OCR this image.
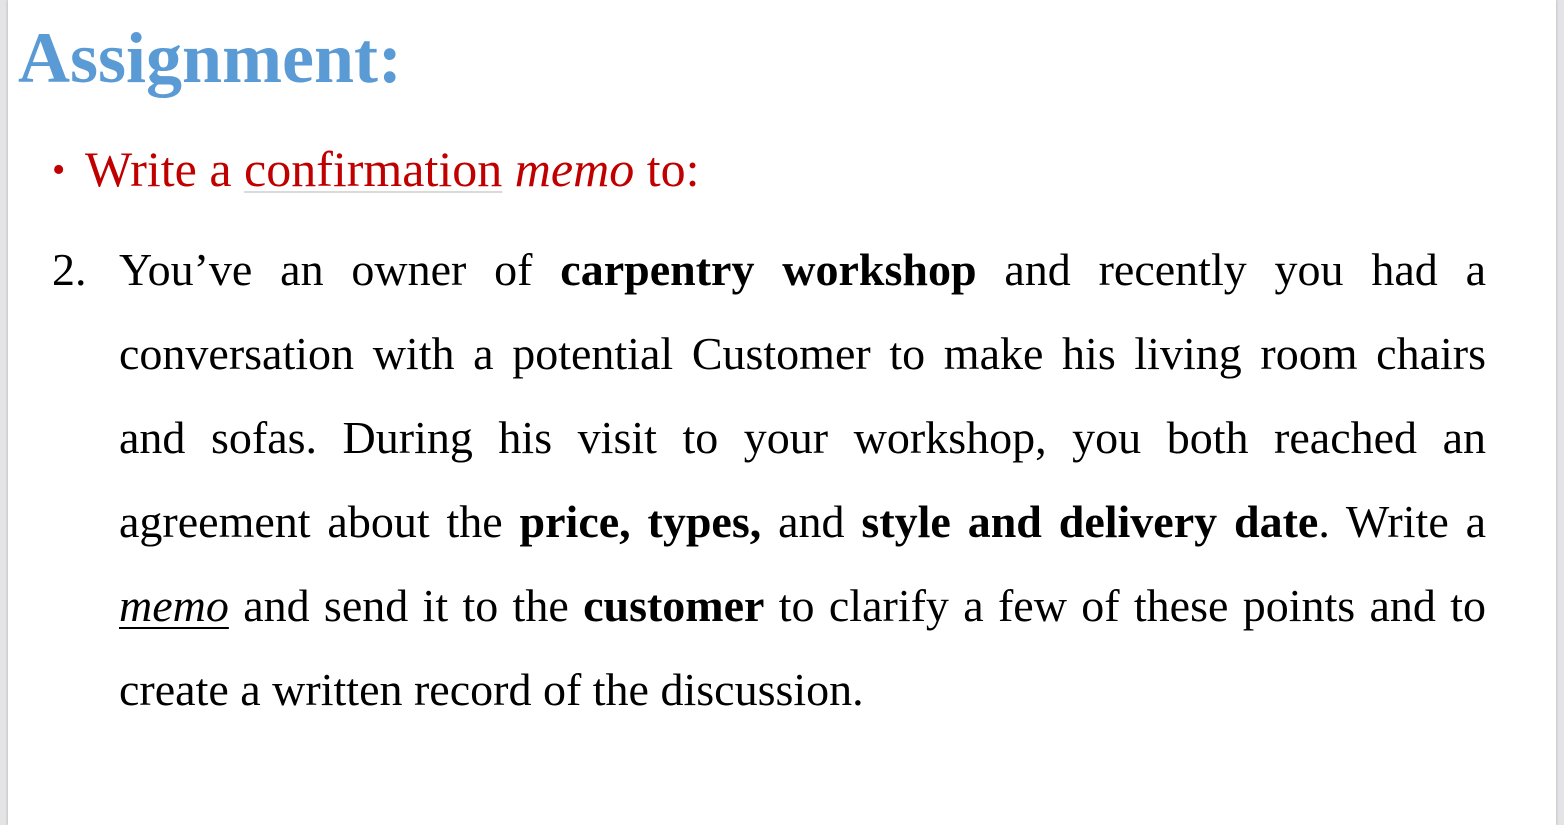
Assignment:
• Write a confirmation memo to:
2. You’ve an owner of carpentry workshop and recently you had a conversation with a potential Customer to make his living room chairs and sofas. During his visit to your workshop, you both reached an agreement about the price, types, and style and delivery date. Write a memo and send it to the customer to clarify a few of these points and to create a written record of the discussion.
